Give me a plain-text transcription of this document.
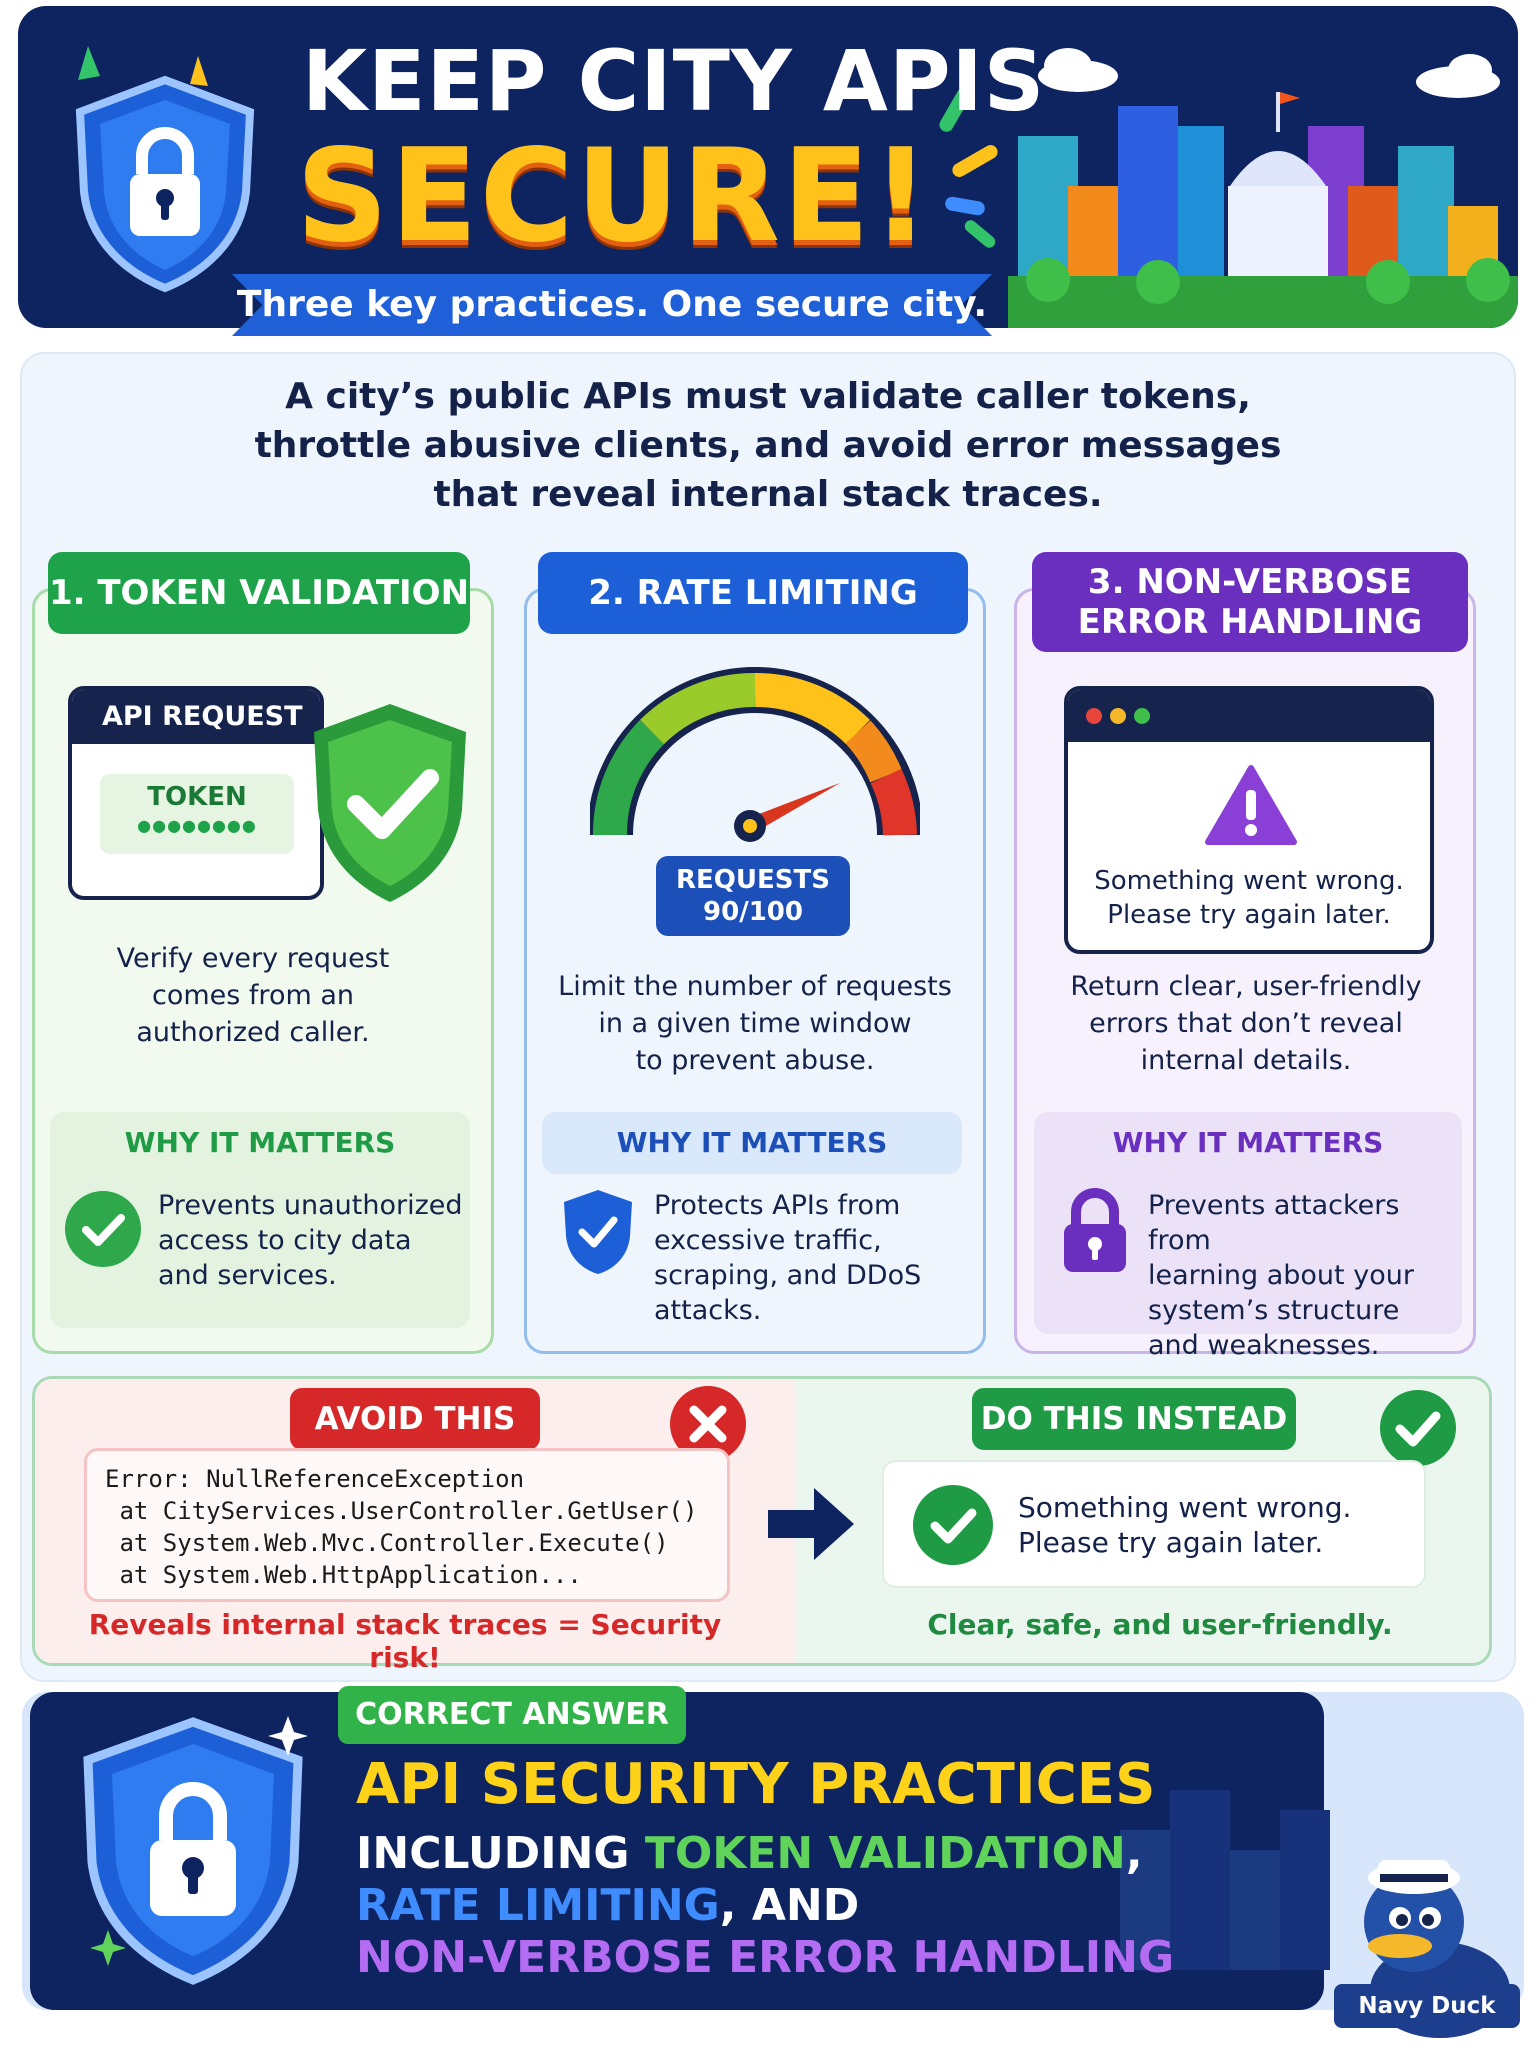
KEEP CITY APIS
SECURE!
Three key practices. One secure city.
A city’s public APIs must validate caller tokens,
throttle abusive clients, and avoid error messages
that reveal internal stack traces.
1. TOKEN VALIDATION
API REQUEST
TOKEN
●●●●●●●●
Verify every request
comes from an
authorized caller.
WHY IT MATTERS
Prevents unauthorized
access to city data
and services.
2. RATE LIMITING
REQUESTS
90/100
Limit the number of requests
in a given time window
to prevent abuse.
WHY IT MATTERS
Protects APIs from
excessive traffic,
scraping, and DDoS
attacks.
3. NON-VERBOSE
ERROR HANDLING
Something went wrong.
Please try again later.
Return clear, user-friendly
errors that don’t reveal
internal details.
WHY IT MATTERS
Prevents attackers from
learning about your
system’s structure
and weaknesses.
AVOID THIS
Error: NullReferenceException
at CityServices.UserController.GetUser()
at System.Web.Mvc.Controller.Execute()
at System.Web.HttpApplication...
Reveals internal stack traces = Security risk!
DO THIS INSTEAD
Something went wrong.
Please try again later.
Clear, safe, and user-friendly.
CORRECT ANSWER
API SECURITY PRACTICES
INCLUDING TOKEN VALIDATION,
RATE LIMITING, AND
NON-VERBOSE ERROR HANDLING
Navy Duck
